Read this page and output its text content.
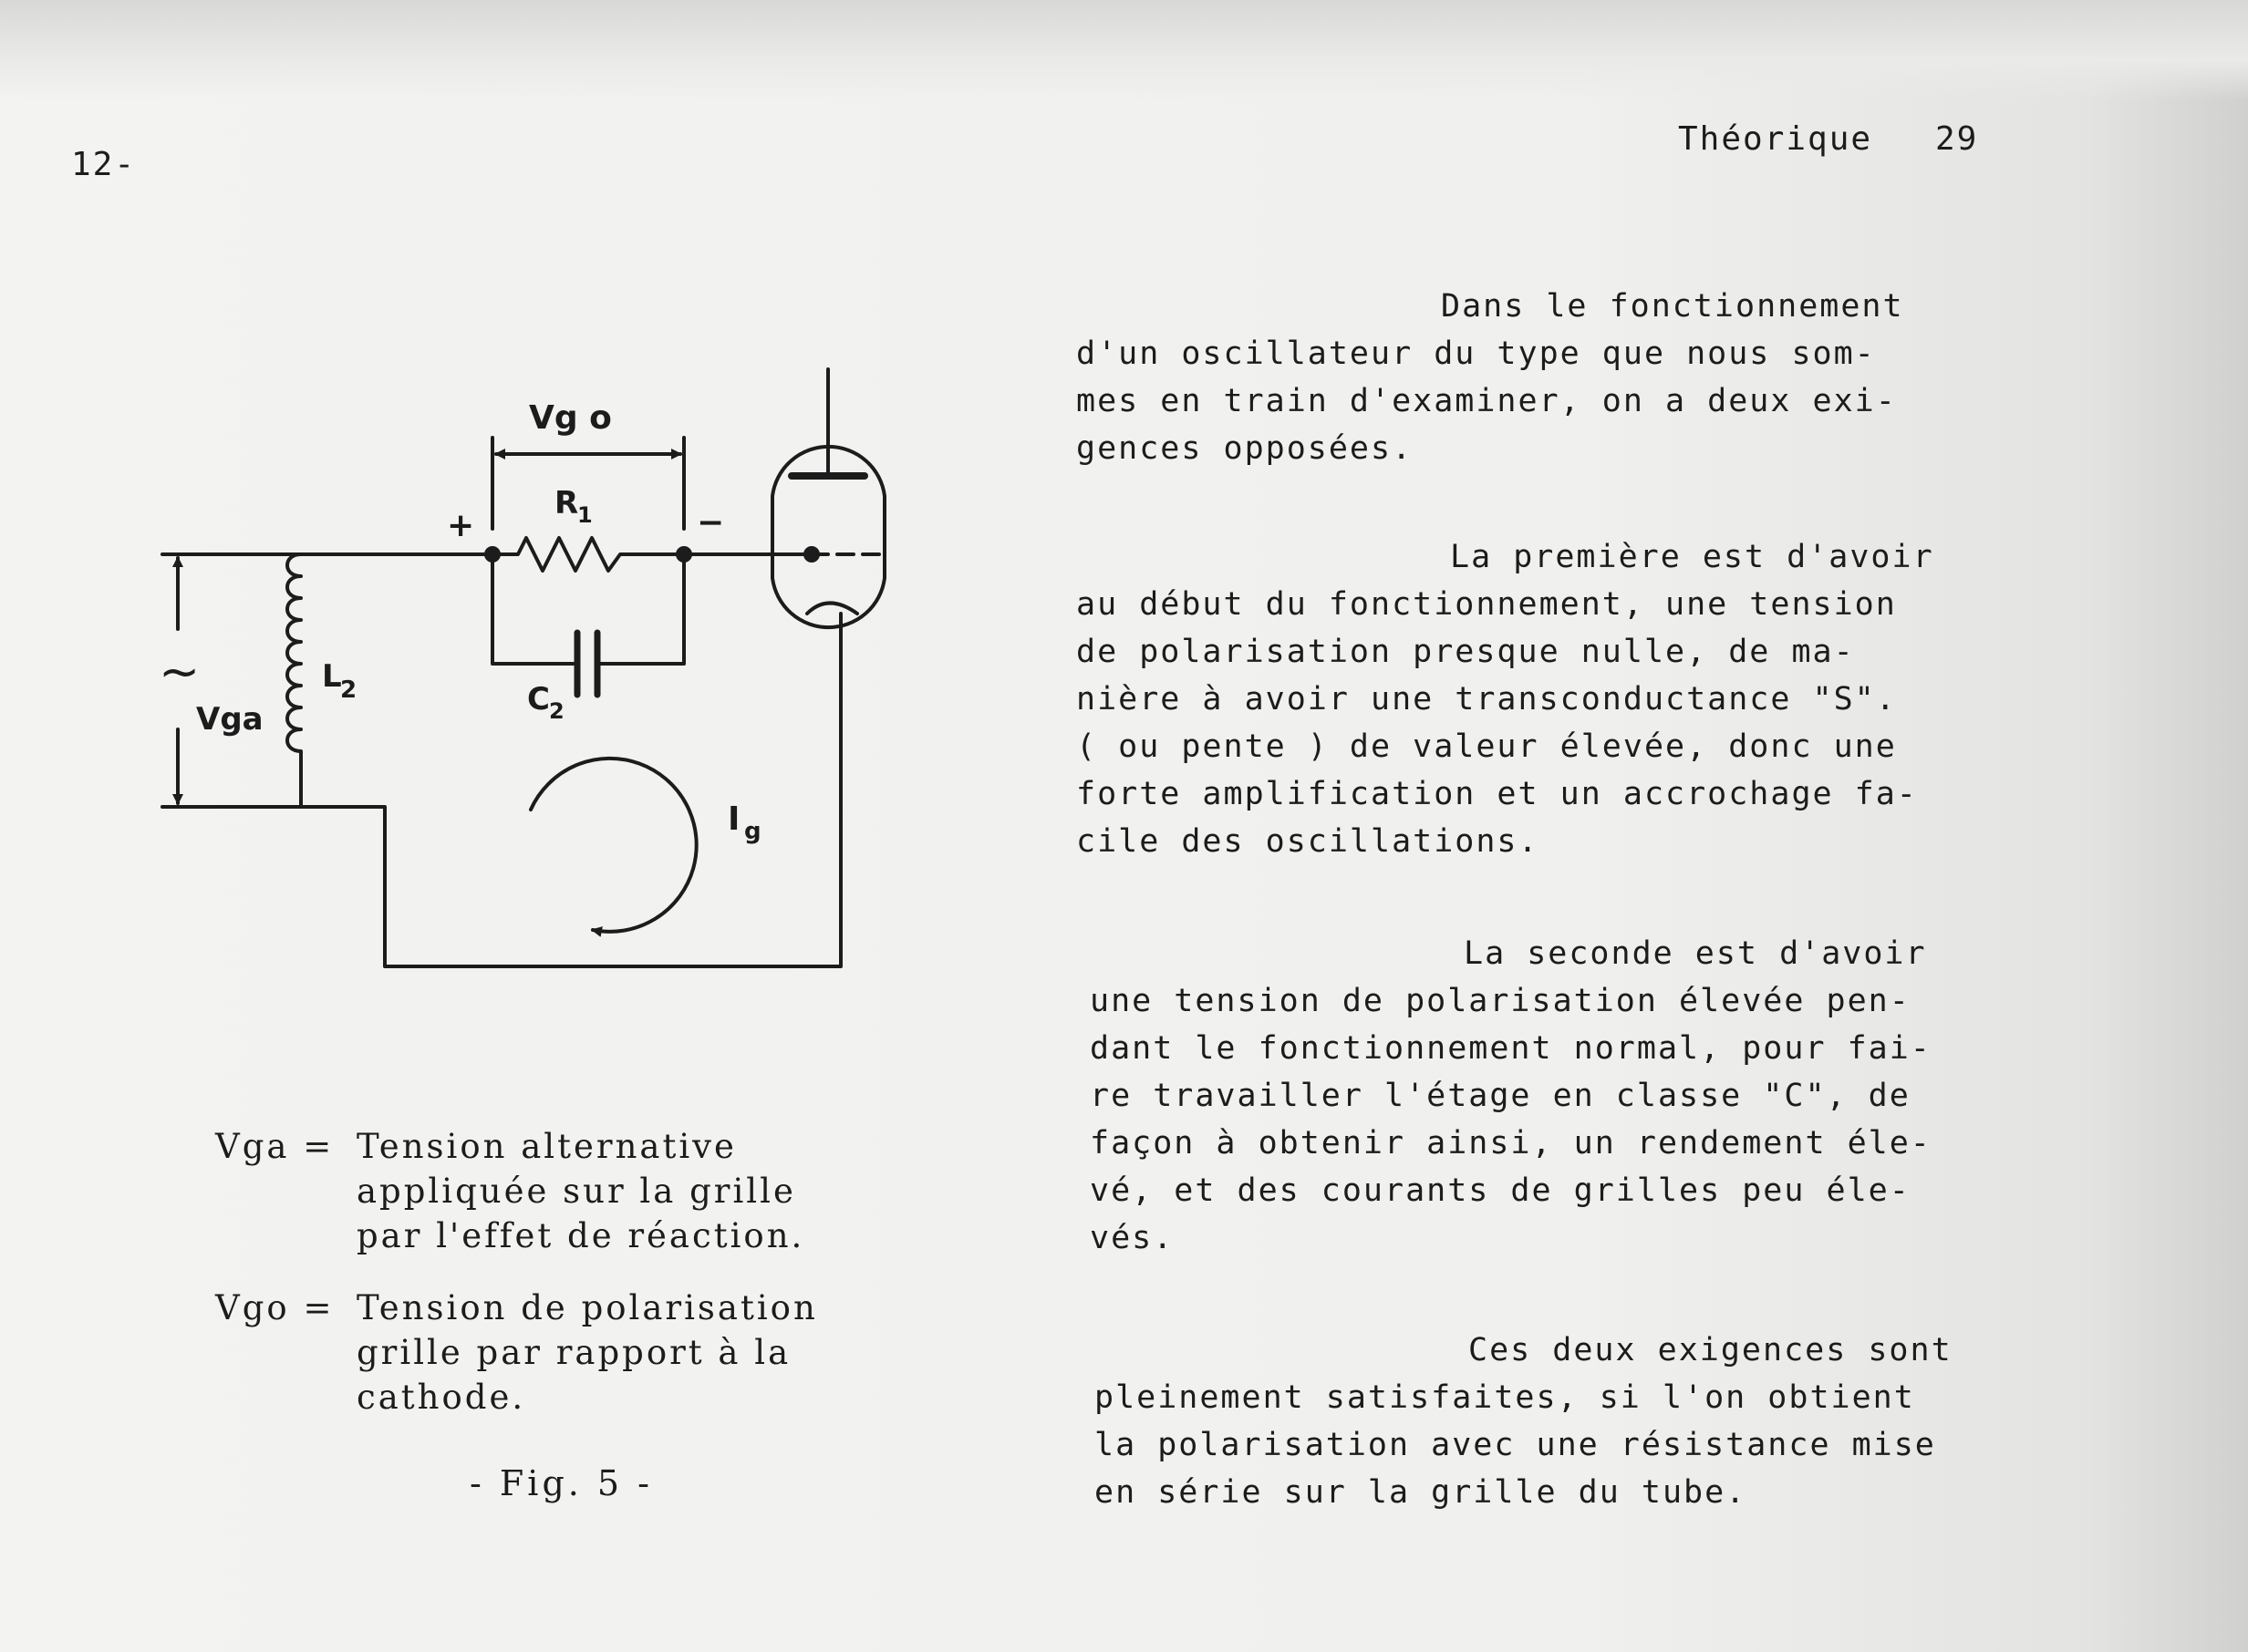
12-
Théorique 29
Vg o
R
1
+	−
L
2	C 2
~
Vga
I g
Vga = Tension alternative
appliquée sur la grille
par l'effet de réaction.
Vgo = Tension de polarisation
grille par rapport à la
cathode.
- Fig. 5 -
Dans le fonctionnement
d'un oscillateur du type que nous som-
mes en train d'examiner, on a deux exi-
gences opposées.
La première est d'avoir
au début du fonctionnement, une tension
de polarisation presque nulle, de ma-
nière à avoir une transconductance "S".
( ou pente ) de valeur élevée, donc une
forte amplification et un accrochage fa-
cile des oscillations.
La seconde est d'avoir
une tension de polarisation élevée pen-
dant le fonctionnement normal, pour fai-
re travailler l'étage en classe "C", de
façon à obtenir ainsi, un rendement éle-
vé, et des courants de grilles peu éle-
vés.
Ces deux exigences sont
pleinement satisfaites, si l'on obtient
la polarisation avec une résistance mise
en série sur la grille du tube.
